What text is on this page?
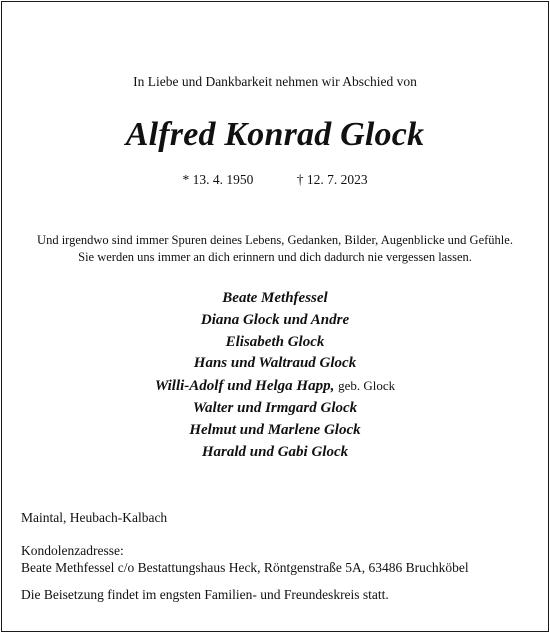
In Liebe und Dankbarkeit nehmen wir Abschied von
Alfred Konrad Glock
* 13. 4. 1950	† 12. 7. 2023
Und irgendwo sind immer Spuren deines Lebens, Gedanken, Bilder, Augenblicke und Gefühle.
Sie werden uns immer an dich erinnern und dich dadurch nie vergessen lassen.
Beate Methfessel
Diana Glock und Andre
Elisabeth Glock
Hans und Waltraud Glock
Willi-Adolf und Helga Happ, geb. Glock
Walter und Irmgard Glock
Helmut und Marlene Glock
Harald und Gabi Glock
Maintal, Heubach-Kalbach
Kondolenzadresse:
Beate Methfessel c/o Bestattungshaus Heck, Röntgenstraße 5A, 63486 Bruchköbel
Die Beisetzung findet im engsten Familien- und Freundeskreis statt.
